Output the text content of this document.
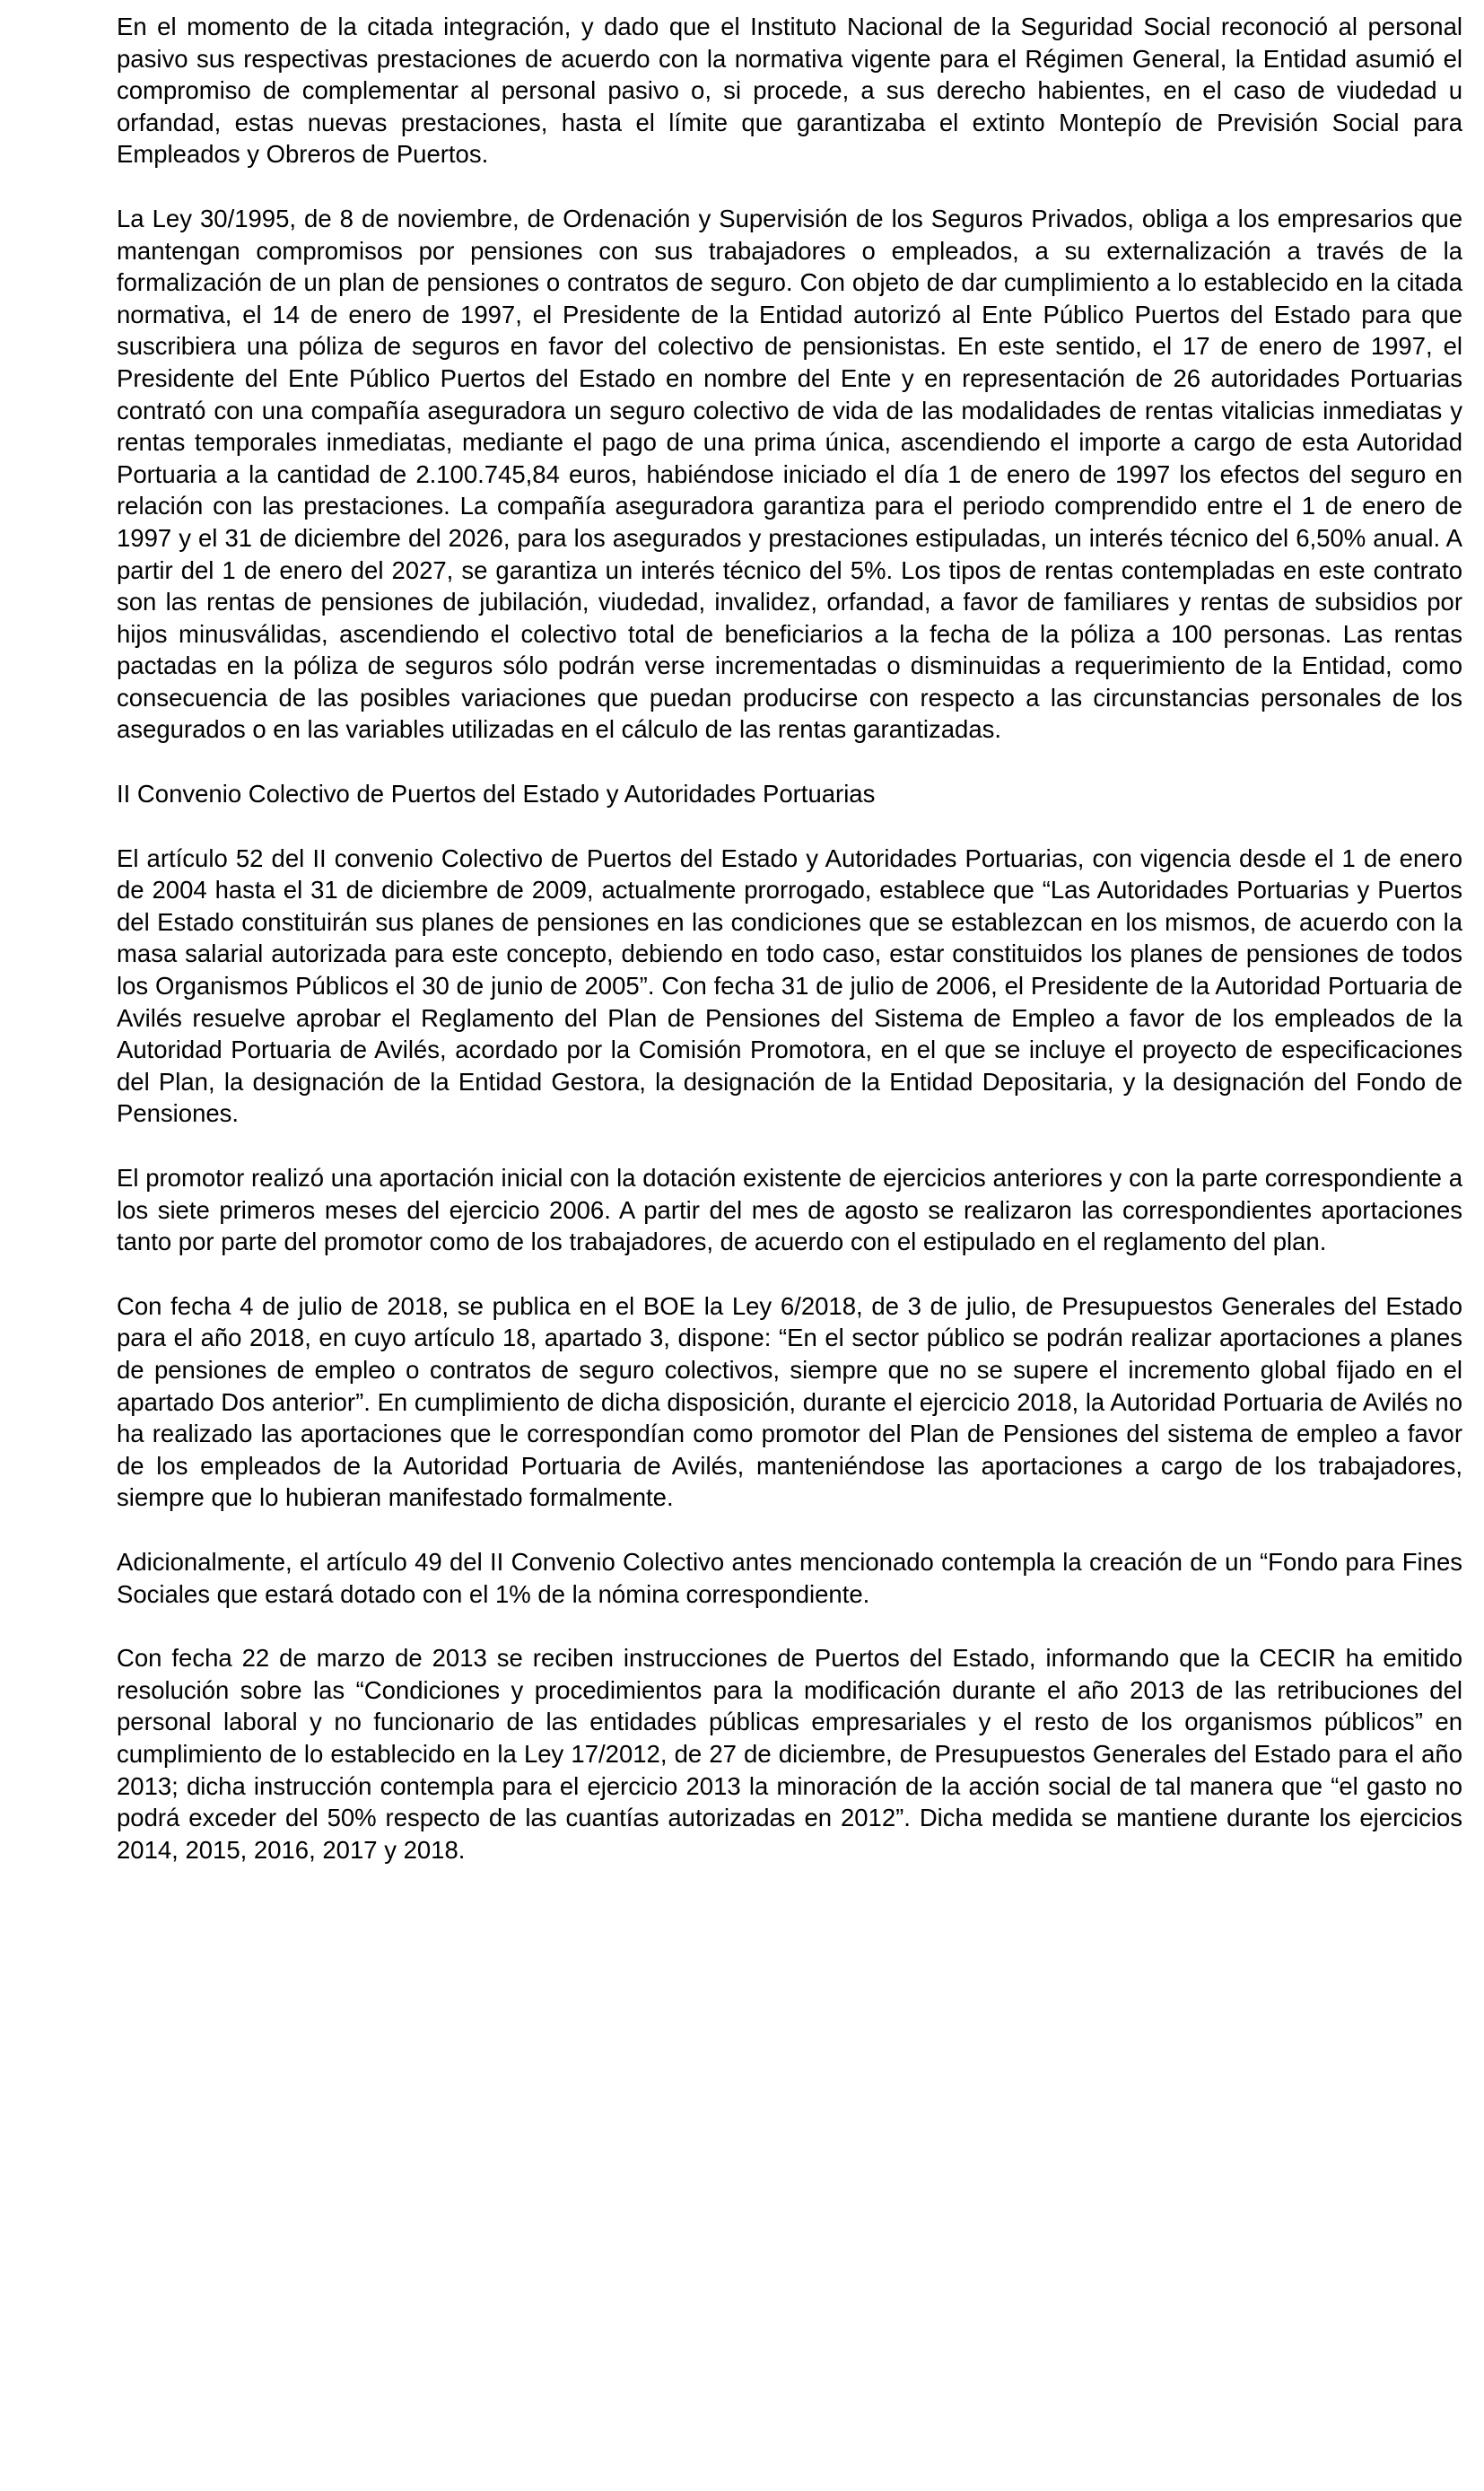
En el momento de la citada integración, y dado que el Instituto Nacional de la Seguridad Social reconoció al personal pasivo sus respectivas prestaciones de acuerdo con la normativa vigente para el Régimen General, la Entidad asumió el compromiso de complementar al personal pasivo o, si procede, a sus derecho habientes, en el caso de viudedad u orfandad, estas nuevas prestaciones, hasta el límite que garantizaba el extinto Montepío de Previsión Social para Empleados y Obreros de Puertos.

La Ley 30/1995, de 8 de noviembre, de Ordenación y Supervisión de los Seguros Privados, obliga a los empresarios que mantengan compromisos por pensiones con sus trabajadores o empleados, a su externalización a través de la formalización de un plan de pensiones o contratos de seguro. Con objeto de dar cumplimiento a lo establecido en la citada normativa, el 14 de enero de 1997, el Presidente de la Entidad autorizó al Ente Público Puertos del Estado para que suscribiera una póliza de seguros en favor del colectivo de pensionistas. En este sentido, el 17 de enero de 1997, el Presidente del Ente Público Puertos del Estado en nombre del Ente y en representación de 26 autoridades Portuarias contrató con una compañía aseguradora un seguro colectivo de vida de las modalidades de rentas vitalicias inmediatas y rentas temporales inmediatas, mediante el pago de una prima única, ascendiendo el importe a cargo de esta Autoridad Portuaria a la cantidad de 2.100.745,84 euros, habiéndose iniciado el día 1 de enero de 1997 los efectos del seguro en relación con las prestaciones. La compañía aseguradora garantiza para el periodo comprendido entre el 1 de enero de 1997 y el 31 de diciembre del 2026, para los asegurados y prestaciones estipuladas, un interés técnico del 6,50% anual. A partir del 1 de enero del 2027, se garantiza un interés técnico del 5%. Los tipos de rentas contempladas en este contrato son las rentas de pensiones de jubilación, viudedad, invalidez, orfandad, a favor de familiares y rentas de subsidios por hijos minusválidas, ascendiendo el colectivo total de beneficiarios a la fecha de la póliza a 100 personas. Las rentas pactadas en la póliza de seguros sólo podrán verse incrementadas o disminuidas a requerimiento de la Entidad, como consecuencia de las posibles variaciones que puedan producirse con respecto a las circunstancias personales de los asegurados o en las variables utilizadas en el cálculo de las rentas garantizadas.

II Convenio Colectivo de Puertos del Estado y Autoridades Portuarias

El artículo 52 del II convenio Colectivo de Puertos del Estado y Autoridades Portuarias, con vigencia desde el 1 de enero de 2004 hasta el 31 de diciembre de 2009, actualmente prorrogado, establece que “Las Autoridades Portuarias y Puertos del Estado constituirán sus planes de pensiones en las condiciones que se establezcan en los mismos, de acuerdo con la masa salarial autorizada para este concepto, debiendo en todo caso, estar constituidos los planes de pensiones de todos los Organismos Públicos el 30 de junio de 2005”. Con fecha 31 de julio de 2006, el Presidente de la Autoridad Portuaria de Avilés resuelve aprobar el Reglamento del Plan de Pensiones del Sistema de Empleo a favor de los empleados de la Autoridad Portuaria de Avilés, acordado por la Comisión Promotora, en el que se incluye el proyecto de especificaciones del Plan, la designación de la Entidad Gestora, la designación de la Entidad Depositaria, y la designación del Fondo de Pensiones.

El promotor realizó una aportación inicial con la dotación existente de ejercicios anteriores y con la parte correspondiente a los siete primeros meses del ejercicio 2006. A partir del mes de agosto se realizaron las correspondientes aportaciones tanto por parte del promotor como de los trabajadores, de acuerdo con el estipulado en el reglamento del plan.

Con fecha 4 de julio de 2018, se publica en el BOE la Ley 6/2018, de 3 de julio, de Presupuestos Generales del Estado para el año 2018, en cuyo artículo 18, apartado 3, dispone: “En el sector público se podrán realizar aportaciones a planes de pensiones de empleo o contratos de seguro colectivos, siempre que no se supere el incremento global fijado en el apartado Dos anterior”. En cumplimiento de dicha disposición, durante el ejercicio 2018, la Autoridad Portuaria de Avilés no ha realizado las aportaciones que le correspondían como promotor del Plan de Pensiones del sistema de empleo a favor de los empleados de la Autoridad Portuaria de Avilés, manteniéndose las aportaciones a cargo de los trabajadores, siempre que lo hubieran manifestado formalmente.

Adicionalmente, el artículo 49 del II Convenio Colectivo antes mencionado contempla la creación de un “Fondo para Fines Sociales que estará dotado con el 1% de la nómina correspondiente.

Con fecha 22 de marzo de 2013 se reciben instrucciones de Puertos del Estado, informando que la CECIR ha emitido resolución sobre las “Condiciones y procedimientos para la modificación durante el año 2013 de las retribuciones del personal laboral y no funcionario de las entidades públicas empresariales y el resto de los organismos públicos” en cumplimiento de lo establecido en la Ley 17/2012, de 27 de diciembre, de Presupuestos Generales del Estado para el año 2013; dicha instrucción contempla para el ejercicio 2013 la minoración de la acción social de tal manera que “el gasto no podrá exceder del 50% respecto de las cuantías autorizadas en 2012”. Dicha medida se mantiene durante los ejercicios 2014, 2015, 2016, 2017 y 2018.
